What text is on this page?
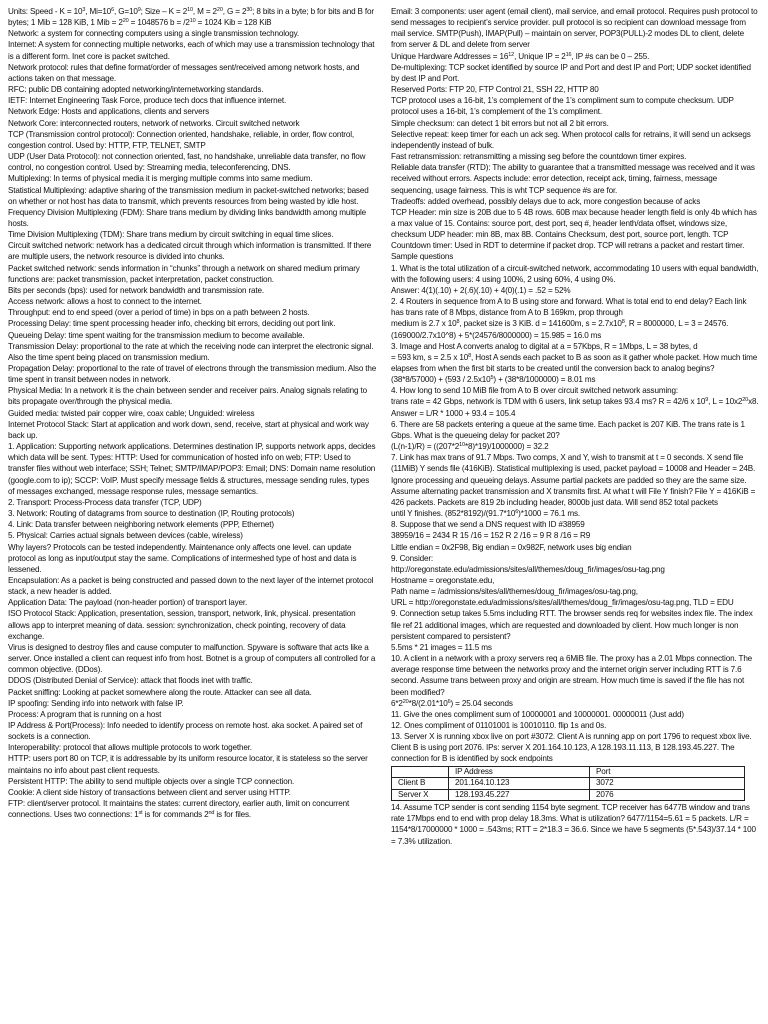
Units: Speed - $K = 10^3$, $Mi=10^6$, $G=10^9$; Size – $K = 2^{10}$, $M = 2^{20}$, $G = 2^{30}$; 8 bits in a byte; b for bits and B for bytes; 1 Mib = 128 KiB, 1 Mib = $2^{20} = 1048576$ $b = /2^{10} = 1024$ Kib = 128 KiB

Network: a system for connecting computers using a single transmission technology.

Internet: A system for connecting multiple networks, each of which may use a transmission technology that is a different form. Inet core is packet switched.

Network protocol: rules that define format/order of messages sent/received among network hosts, and actions taken on that message.

RFC: public DB containing adopted networking/internetworking standards.

IETF: Internet Engineering Task Force, produce tech docs that influence internet.

Network Edge: Hosts and applications, clients and servers

Network Core: interconnected routers, network of networks. Circuit switched network

TCP (Transmission control protocol): Connection oriented, handshake, reliable, in order, flow control, congestion control. Used by: HTTP, FTP, TELNET, SMTP

UDP (User Data Protocol): not connection oriented, fast, no handshake, unreliable data transfer, no flow control, no congestion control. Used by: Streaming media, teleconferencing, DNS.

Multiplexing: In terms of physical media it is merging multiple comms into same medium.

Statistical Multiplexing: adaptive sharing of the transmission medium in packet-switched networks; based on whether or not host has data to transmit, which prevents resources from being wasted by idle host.

Frequency Division Multiplexing (FDM): Share trans medium by dividing links bandwidth among multiple hosts.

Time Division Multiplexing (TDM): Share trans medium by circuit switching in equal time slices.

Circuit switched network: network has a dedicated circuit through which information is transmitted. If there are multiple users, the network resource is divided into chunks.

Packet switched network: sends information in “chunks” through a network on shared medium primary functions are: packet transmission, packet interpretation, packet construction.

Bits per seconds (bps): used for network bandwidth and transmission rate.

Access network: allows a host to connect to the internet.

Throughput: end to end speed (over a period of time) in bps on a path between 2 hosts.

Processing Delay: time spent processing header info, checking bit errors, deciding out port link.

Queueing Delay: time spent waiting for the transmission medium to become available.

Transmission Delay: proportional to the rate at which the receiving node can interpret the electronic signal. Also the time spent being placed on transmission medium.

Propagation Delay: proportional to the rate of travel of electrons through the transmission medium. Also the time spent in transit between nodes in network.

Physical Media: In a network it is the chain between sender and receiver pairs. Analog signals relating to bits propagate over/through the physical media.

Guided media: twisted pair copper wire, coax cable; Unguided: wireless

Internet Protocol Stack: Start at application and work down, send, receive, start at physical and work way back up.

1. Application: Supporting network applications. Determines destination IP, supports network apps, decides which data will be sent. Types: HTTP: Used for communication of hosted info on web; FTP: Used to transfer files without web interface; SSH; Telnet; SMTP/IMAP/POP3: Email; DNS: Domain name resolution (google.com to ip); SCCP: VoIP. Must specify message fields & structures, message sending rules, types of messages exchanged, message response rules, message semantics.

2. Transport: Process-Process data transfer (TCP, UDP)

3. Network: Routing of datagrams from source to destination (IP, Routing protocols)

4. Link: Data transfer between neighboring network elements (PPP, Ethernet)

5. Physical: Carries actual signals between devices (cable, wireless)

Why layers? Protocols can be tested independently. Maintenance only affects one level. can update protocol as long as input/output stay the same. Complications of intermeshed type of host and data is lessened.

Encapsulation: As a packet is being constructed and passed down to the next layer of the internet protocol stack, a new header is added.

Application Data: The payload (non-header portion) of transport layer.

ISO Protocol Stack: Application, presentation, session, transport, network, link, physical. presentation allows app to interpret meaning of data. session: synchronization, check pointing, recovery of data exchange.

Virus is designed to destroy files and cause computer to malfunction. Spyware is software that acts like a server. Once installed a client can request info from host. Botnet is a group of computers all controlled for a common objective. (DDos).

DDOS (Distributed Denial of Service): attack that floods inet with traffic.

Packet sniffing: Looking at packet somewhere along the route. Attacker can see all data.

IP spoofing: Sending info into network with false IP.

Process: A program that is running on a host

IP Address & Port(Process): Info needed to identify process on remote host. aka socket. A paired set of sockets is a connection.

Interoperability: protocol that allows multiple protocols to work together.

HTTP: users port 80 on TCP, it is addressable by its uniform resource locator, it is stateless so the server maintains no info about past client requests.

Persistent HTTP: The ability to send multiple objects over a single TCP connection.

Cookie: A client side history of transactions between client and server using HTTP.

FTP: client/server protocol. It maintains the states: current directory, earlier auth, limit on concurrent connections. Uses two connections: 1st is for commands 2nd is for files.

Email: 3 components: user agent (email client), mail service, and email protocol. Requires push protocol to send messages to recipient’s service provider. pull protocol is so recipient can download message from mail service. SMTP(Push), IMAP(Pull) – maintain on server, POP3(PULL)-2 modes DL to client, delete from server & DL and delete from server

Unique Hardware Addresses = $16^{12}$, Unique IP = $2^{16}$, IP #s can be 0 – 255.

De-multiplexing: TCP socket identified by source IP and Port and dest IP and Port; UDP socket identified by dest IP and Port.

Reserved Ports: FTP 20, FTP Control 21, SSH 22, HTTP 80

TCP protocol uses a 16-bit, 1’s complement of the 1’s compliment sum to compute checksum. UDP protocol uses a 16-bit, 1’s complement of the 1’s compliment.

Simple checksum: can detect 1 bit errors but not all 2 bit errors.

Selective repeat: keep timer for each un ack seg. When protocol calls for retrains, it will send un acksegs independently instead of bulk.

Fast retransmission: retransmitting a missing seg before the countdown timer expires.

Reliable data transfer (RTD): The ability to guarantee that a transmitted message was received and it was received without errors. Aspects include: error detection, receipt ack, timing, fairness, message sequencing, usage fairness. This is wht TCP sequence #s are for.

Tradeoffs: added overhead, possibly delays due to ack, more congestion because of acks

TCP Header: min size is 20B due to 5 4B rows. 60B max because header length field is only 4b which has a max value of 15. Contains: source port, dest port, seq #, header lenth/data offset, windows size, checksum UDP header: min 8B, max 8B. Contains Checksum, dest port, source port, length. TCP Countdown timer: Used in RDT to determine if packet drop. TCP will retrans a packet and restart timer.

Sample questions

1. What is the total utilization of a circuit-switched network, accommodating 10 users with equal bandwidth, with the following users: 4 using 100%, 2 using 60%, 4 using 0%.

Answer: 4(1)(.10) + 2(.6)(.10) + 4(0)(.1) = .52 = 52%

2. 4 Routers in sequence from A to B using store and forward. What is total end to end delay? Each link has trans rate of 8 Mbps, distance from A to B 169km, prop through

medium is 2.7 x $10^8$, packet size is 3 KiB. d = 141600m, $s = 2.7x10^8$, R = 8000000, L = 3 = 24576. (169000/2.7x10^8) + 5*(24576/8000000) = 15.985 = 16.0 ms

3. Image and Host A converts analog to digital at a = 57Kbps, R = 1Mbps, L = 38 bytes, d

= 593 km, s = 2.5 x $10^8$, Host A sends each packet to B as soon as it gather whole packet. How much time elapses from when the first bit starts to be created until the conversion back to analog begins? $(38*8/57000) + (593 / 2.5x10^5) + (38*8/1000000) = 8.01$ ms

4. How long to send 10 MiB file from A to B over circuit switched network assuming:

trans rate = 42 Gbps, network is TDM with 6 users, link setup takes 93.4 ms? R = 42/6 x $10^9$, $L = 10x2^{20}x8$. Answer = L/R * 1000 + 93.4 = 105.4

6. There are 58 packets entering a queue at the same time. Each packet is 207 KiB. The trans rate is 1 Gbps. What is the queueing delay for packet 20?

$(L(n-1)/R) = ((207*2^{10}*8)*19)/1000000) = 32.2$

7. Link has max trans of 91.7 Mbps. Two comps, X and Y, wish to transmit at t = 0 seconds. X send file (11MiB) Y sends file (416KiB). Statistical multiplexing is used, packet payload = 10008 and Header = 24B. Ignore processing and queueing delays. Assume partial packets are padded so they are the same size. Assume alternating packet transmission and X transmits first. At what t will File Y finish? File Y = 416KiB = 426 packets. Packets are 819 2b including header, 8000b just data. Will send 852 total packets

until Y finishes. $(852*8192)/(91.7*10^6)*1000 = 76.1$ ms.

8. Suppose that we send a DNS request with ID #38959

38959/16 = 2434 R 15 /16 = 152 R 2 /16 = 9 R 8 /16 = R9

Little endian = 0x2F98, Big endian = 0x982F, network uses big endian

9. Consider:

http://oregonstate.edu/admissions/sites/all/themes/doug_fir/images/osu-tag.png

Hostname = oregonstate.edu,

Path name = /admissions/sites/all/themes/doug_fir/images/osu-tag.png,

URL = http://oregonstate.edu/admissions/sites/all/themes/doug_fir/images/osu-tag.png, TLD = EDU

9. Connection setup takes 5.5ms including RTT. The browser sends req for websites index file. The index file ref 21 additional images, which are requested and downloaded by client. How much longer is non persistent compared to persistent?

5.5ms * 21 images = 11.5 ms

10. A client in a network with a proxy servers req a 6MiB file. The proxy has a 2.01 Mbps connection. The average response time between the networks proxy and the internet origin server including RTT is 7.6 second. Assume trans between proxy and origin are stream. How much time is saved if the file has not been modified?

$6*2^{20}*8/(2.01*10^6) = 25.04$ seconds

11. Give the ones compliment sum of 10000001 and 10000001. 00000011 (Just add)

12. Ones compliment of 01101001 is 10010110. flip 1s and 0s.

13. Server X is running xbox live on port #3072. Client A is running app on port 1796 to request xbox live. Client B is using port 2076. IPs: server X 201.164.10.123, A 128.193.11.113, B 128.193.45.227. The connection for B is identified by sock endpoints

	IP Address	Port
Client B	201.164.10.123	3072
Server X	128.193.45.227	2076

14. Assume TCP sender is cont sending 1154 byte segment. TCP receiver has 6477B window and trans rate 17Mbps end to end with prop delay 18.3ms. What is utilization? 6477/1154=5.61 = 5 packets. L/R = 1154*8/17000000 * 1000 = .543ms; RTT = 2*18.3 = 36.6. Since we have 5 segments (5*.543)/37.14 * 100 = 7.3% utilization.
